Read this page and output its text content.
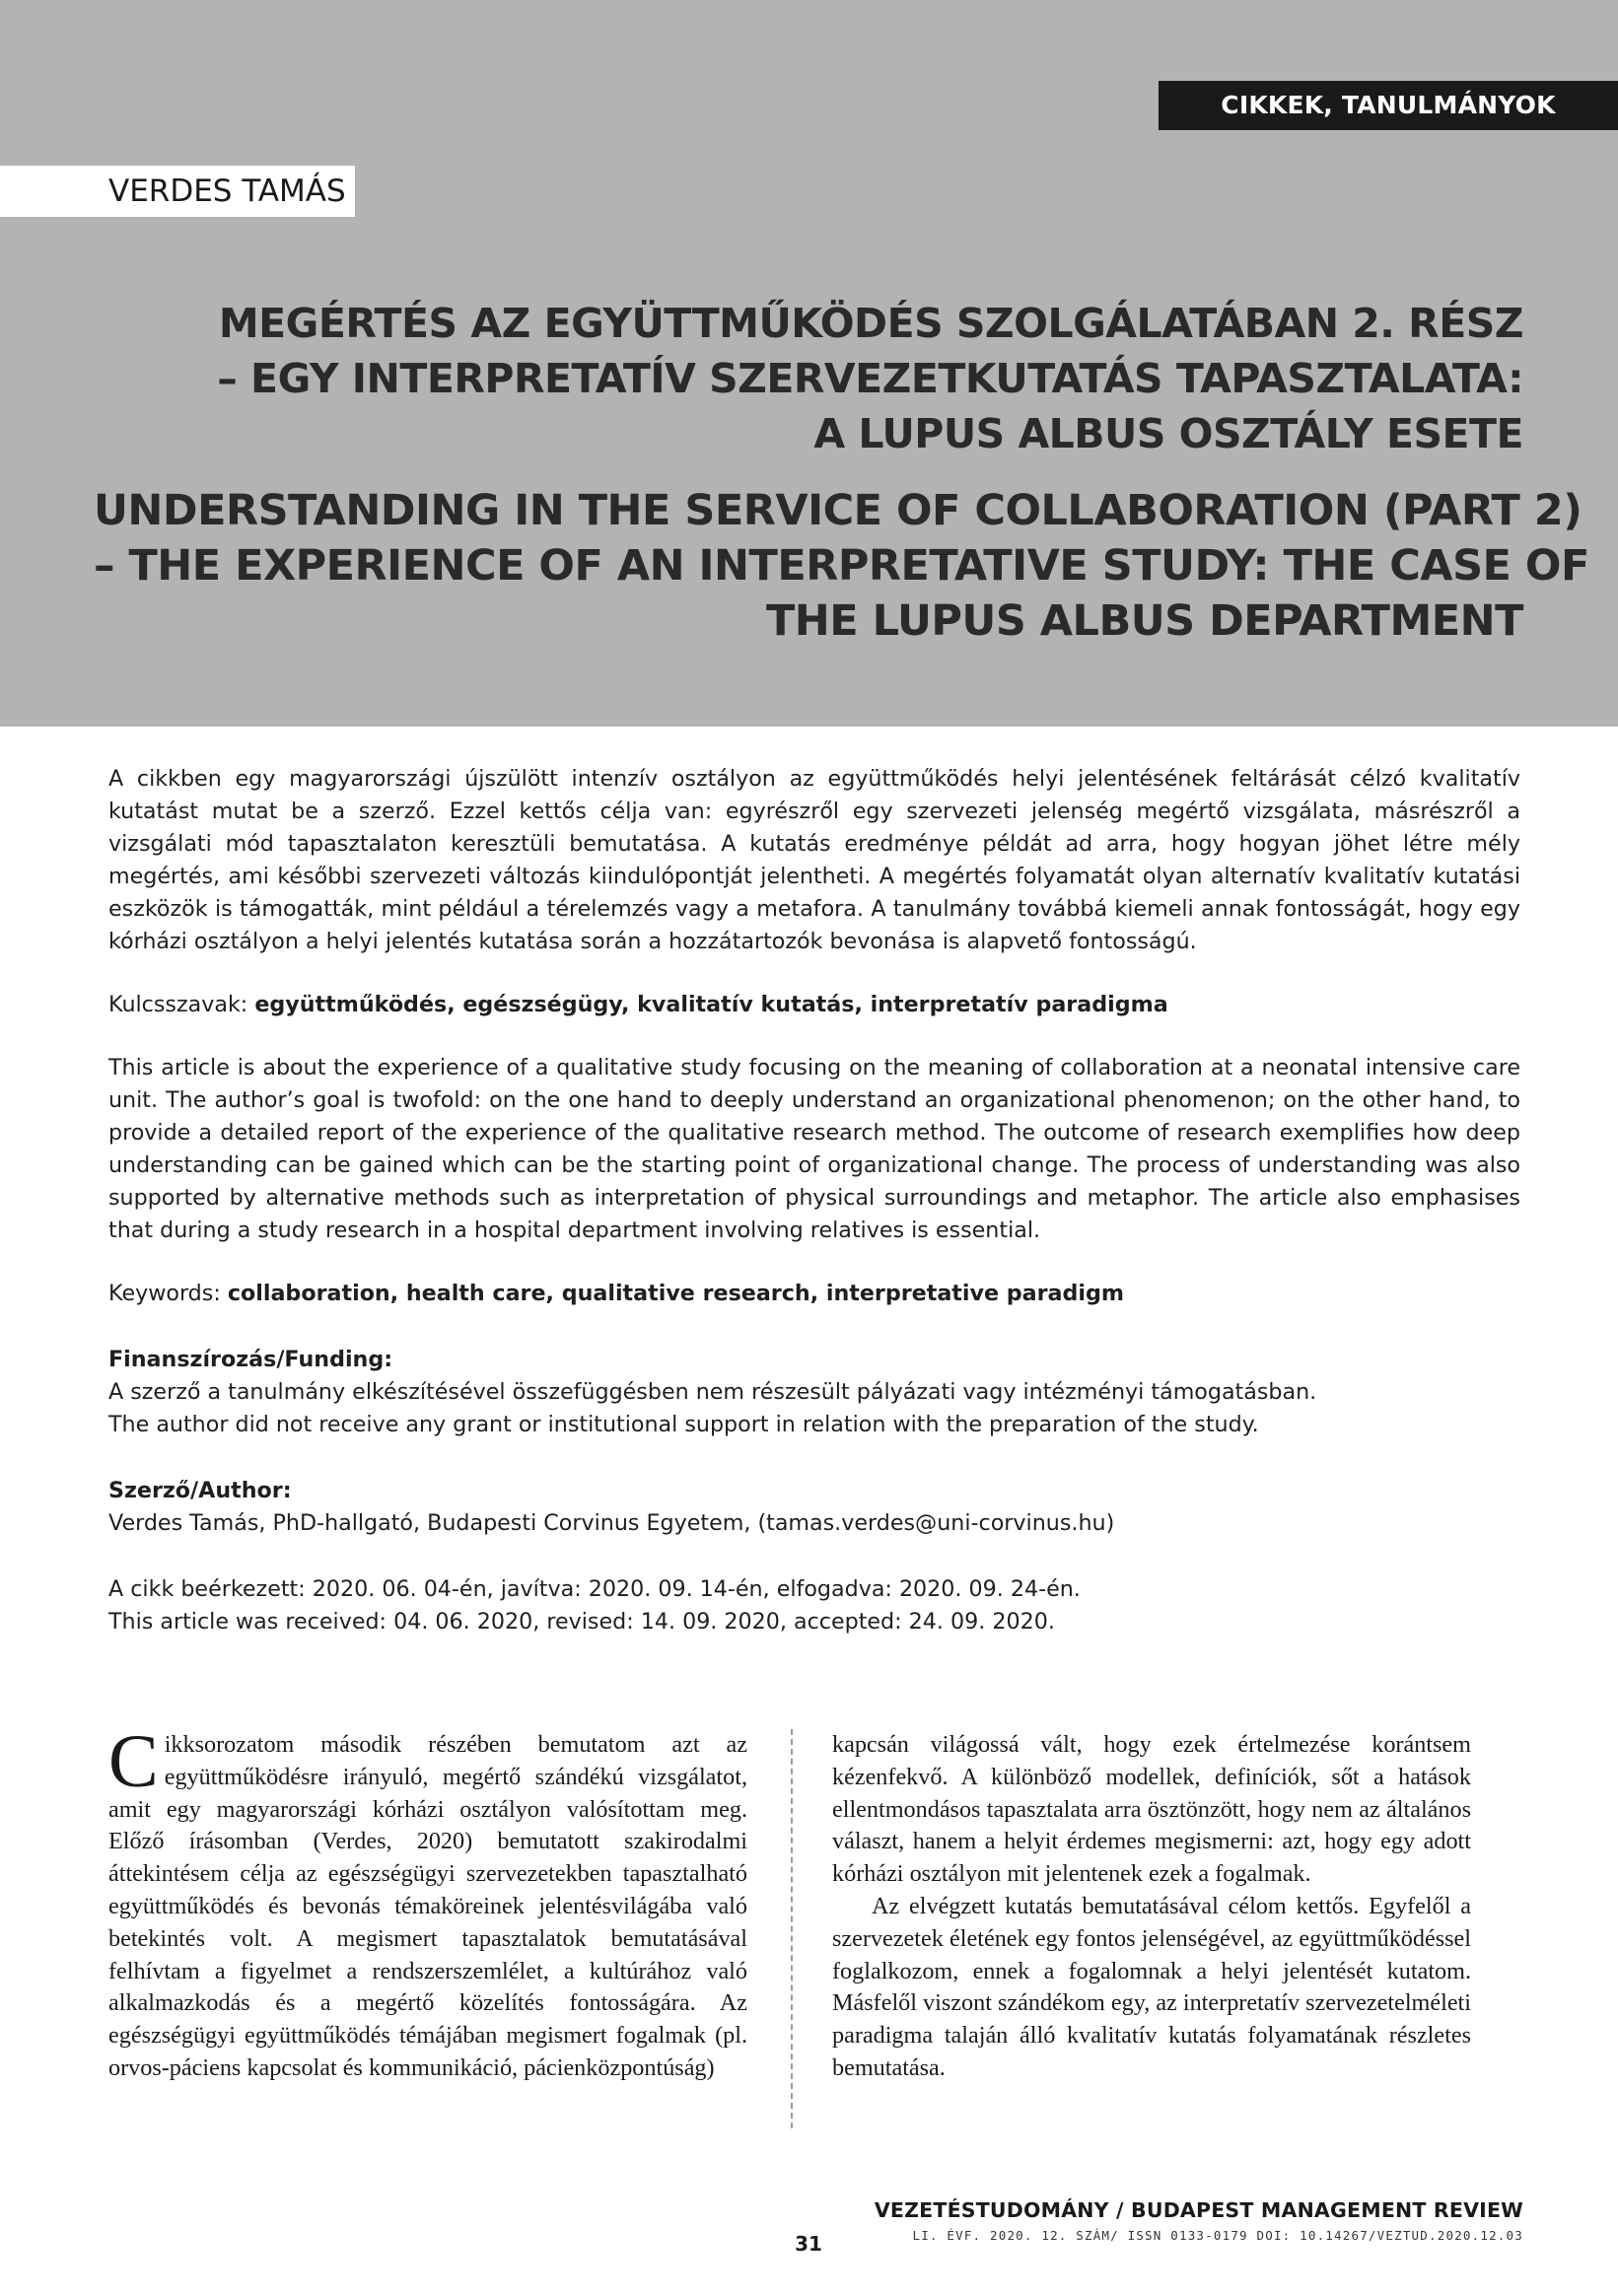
CIKKEK, TANULMÁNYOK
VERDES TAMÁS
MEGÉRTÉS AZ EGYÜTTMŰKÖDÉS SZOLGÁLATÁBAN 2. RÉSZ
– EGY INTERPRETATÍV SZERVEZETKUTATÁS TAPASZTALATA:
A LUPUS ALBUS OSZTÁLY ESETE
UNDERSTANDING IN THE SERVICE OF COLLABORATION (PART 2)
– THE EXPERIENCE OF AN INTERPRETATIVE STUDY: THE CASE OF
THE LUPUS ALBUS DEPARTMENT

A cikkben egy magyarországi újszülött intenzív osztályon az együttműködés helyi jelentésének feltárását célzó kvalitatív kutatást mutat be a szerző. Ezzel kettős célja van: egyrészről egy szervezeti jelenség megértő vizsgálata, másrészről a vizsgálati mód tapasztalaton keresztüli bemutatása. A kutatás eredménye példát ad arra, hogy hogyan jöhet létre mély megértés, ami későbbi szervezeti változás kiindulópontját jelentheti. A megértés folyamatát olyan alternatív kvalitatív kutatási eszközök is támogatták, mint például a térelemzés vagy a metafora. A tanulmány továbbá kiemeli annak fontosságát, hogy egy kórházi osztályon a helyi jelentés kutatása során a hozzátartozók bevonása is alapvető fontosságú.

Kulcsszavak: együttműködés, egészségügy, kvalitatív kutatás, interpretatív paradigma

This article is about the experience of a qualitative study focusing on the meaning of collaboration at a neonatal intensive care unit. The author’s goal is twofold: on the one hand to deeply understand an organizational phenomenon; on the other hand, to provide a detailed report of the experience of the qualitative research method. The outcome of research exemplifies how deep understanding can be gained which can be the starting point of organizational change. The process of understanding was also supported by alternative methods such as interpretation of physical surroundings and metaphor. The article also emphasises that during a study research in a hospital department involving relatives is essential.

Keywords: collaboration, health care, qualitative research, interpretative paradigm

Finanszírozás/Funding:
A szerző a tanulmány elkészítésével összefüggésben nem részesült pályázati vagy intézményi támogatásban.
The author did not receive any grant or institutional support in relation with the preparation of the study.
Szerző/Author:
Verdes Tamás, PhD-hallgató, Budapesti Corvinus Egyetem, (tamas.verdes@uni-corvinus.hu)
A cikk beérkezett: 2020. 06. 04-én, javítva: 2020. 09. 14-én, elfogadva: 2020. 09. 24-én.
This article was received: 04. 06. 2020, revised: 14. 09. 2020, accepted: 24. 09. 2020.

Cikksorozatom második részében bemutatom azt az együttműködésre irányuló, megértő szándékú vizsgálatot, amit egy magyarországi kórházi osztályon valósítottam meg. Előző írásomban (Verdes, 2020) bemutatott szakirodalmi áttekintésem célja az egészségügyi szervezetekben tapasztalható együttműködés és bevonás témaköreinek jelentésvilágába való betekintés volt. A megismert tapasztalatok bemutatásával felhívtam a figyelmet a rendszerszemlélet, a kultúrához való alkalmazkodás és a megértő közelítés fontosságára. Az egészségügyi együttműködés témájában megismert fogalmak (pl. orvos-páciens kapcsolat és kommunikáció, pácienközpontúság)

kapcsán világossá vált, hogy ezek értelmezése korántsem kézenfekvő. A különböző modellek, definíciók, sőt a hatások ellentmondásos tapasztalata arra ösztönzött, hogy nem az általános választ, hanem a helyit érdemes megismerni: azt, hogy egy adott kórházi osztályon mit jelentenek ezek a fogalmak.

Az elvégzett kutatás bemutatásával célom kettős. Egyfelől a szervezetek életének egy fontos jelenségével, az együttműködéssel foglalkozom, ennek a fogalomnak a helyi jelentését kutatom. Másfelől viszont szándékom egy, az interpretatív szervezetelméleti paradigma talaján álló kvalitatív kutatás folyamatának részletes bemutatása.

VEZETÉSTUDOMÁNY / BUDAPEST MANAGEMENT REVIEW
LI. ÉVF. 2020. 12. SZÁM/ ISSN 0133-0179 DOI: 10.14267/VEZTUD.2020.12.03
31
